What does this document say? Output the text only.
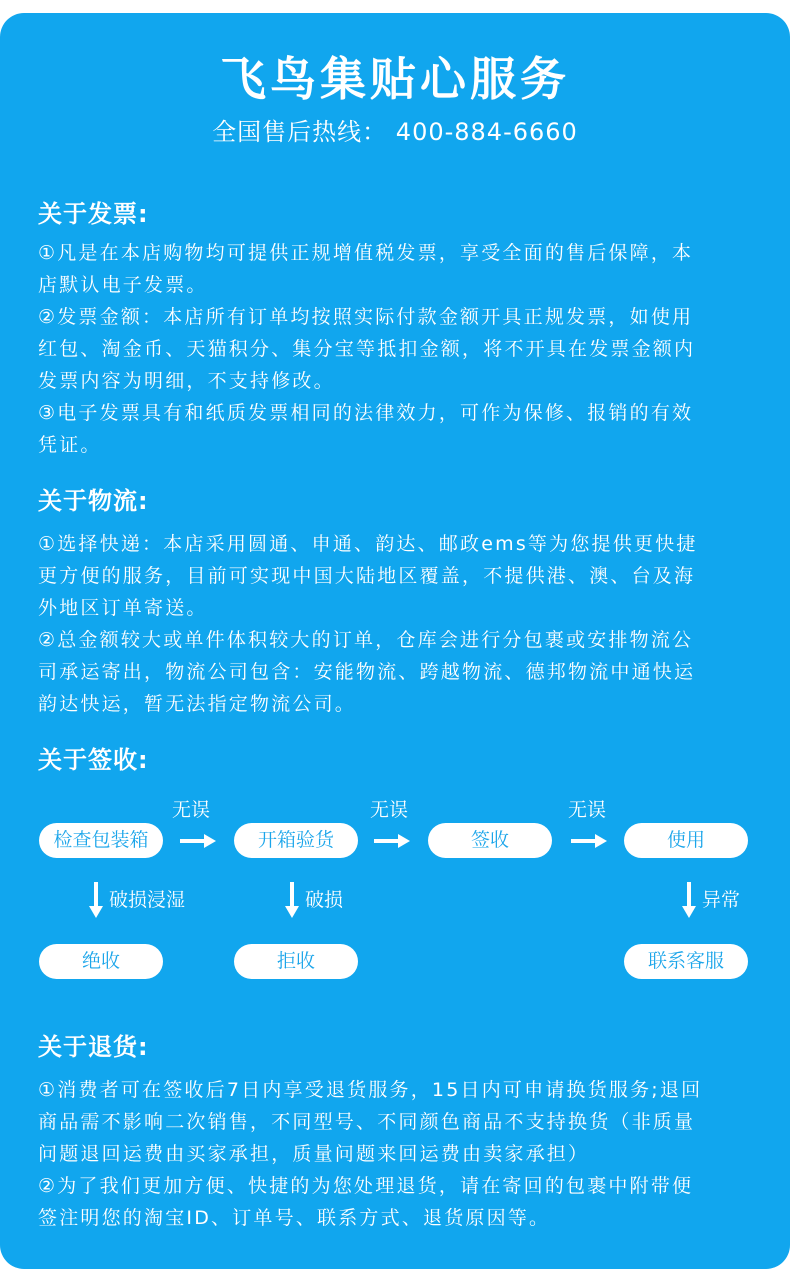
飞鸟集贴心服务
全国售后热线： 400-884-6660
关于发票:
①凡是在本店购物均可提供正规增值税发票，享受全面的售后保障，本
店默认电子发票。
②发票金额：本店所有订单均按照实际付款金额开具正规发票，如使用
红包、淘金币、天猫积分、集分宝等抵扣金额，将不开具在发票金额内
发票内容为明细，不支持修改。
③电子发票具有和纸质发票相同的法律效力，可作为保修、报销的有效
凭证。
关于物流:
①选择快递：本店采用圆通、申通、韵达、邮政ems等为您提供更快捷
更方便的服务，目前可实现中国大陆地区覆盖，不提供港、澳、台及海
外地区订单寄送。
②总金额较大或单件体积较大的订单，仓库会进行分包裹或安排物流公
司承运寄出，物流公司包含：安能物流、跨越物流、德邦物流中通快运
韵达快运，暂无法指定物流公司。
关于签收:
无误	无误	无误
检查包装箱	开箱验货	签收	使用
破损浸湿	破损	异常
绝收	拒收	联系客服
关于退货:
①消费者可在签收后7日内享受退货服务，15日内可申请换货服务;退回
商品需不影响二次销售，不同型号、不同颜色商品不支持换货（非质量
问题退回运费由买家承担，质量问题来回运费由卖家承担）
②为了我们更加方便、快捷的为您处理退货，请在寄回的包裹中附带便
签注明您的淘宝ID、订单号、联系方式、退货原因等。
